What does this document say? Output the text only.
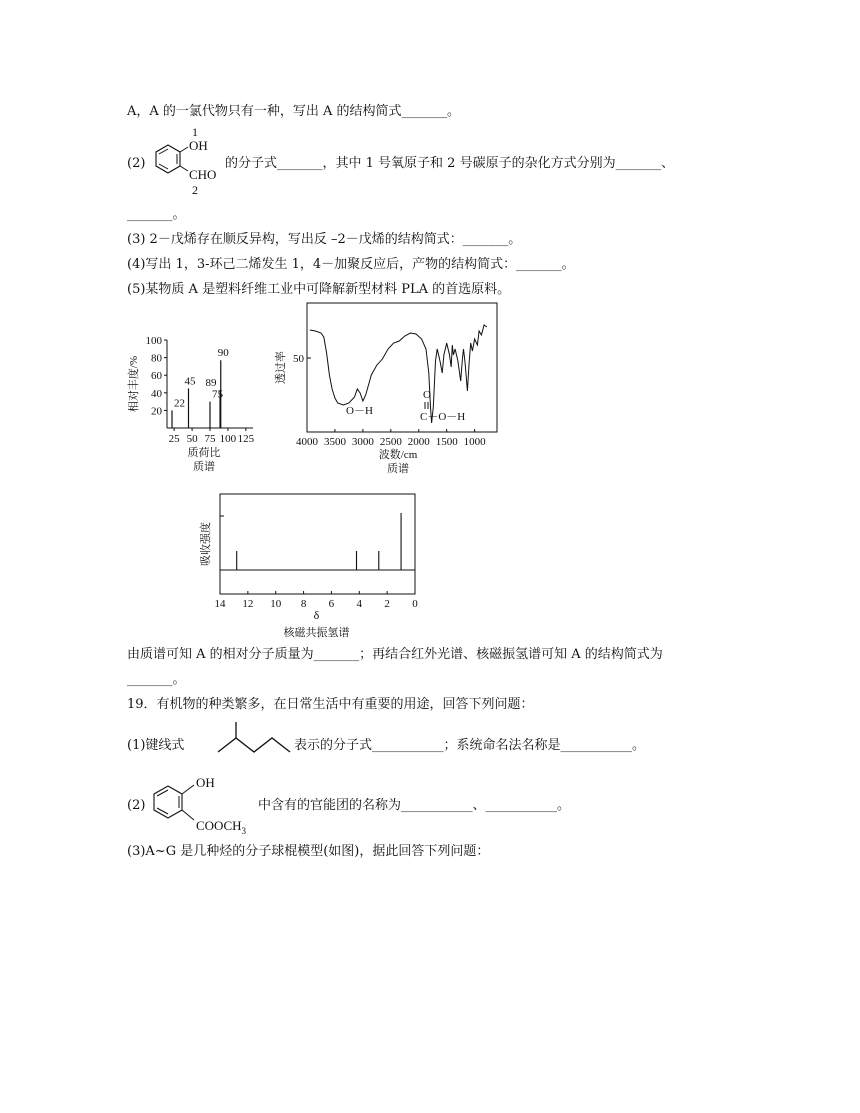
A，A 的一氯代物只有一种，写出 A 的结构简式_______。
(2)
1
OH
CHO
2
的分子式_______，其中 1 号氧原子和 2 号碳原子的杂化方式分别为_______、
_______。
(3) 2－戊烯存在顺反异构，写出反 –2－戊烯的结构简式：_______。
(4)写出 1，3-环己二烯发生 1，4－加聚反应后，产物的结构简式：_______。
(5)某物质 A 是塑料纤维工业中可降解新型材料 PLA 的首选原料。
20
40
60
80
100
25 50 75 100 125
22
45
75
89
90
相对丰度/%
质荷比
质谱
50
4000 3500 3000 2500 2000 1500 1000
O－H
O
C－O－H
透过率
波数/cm
质谱
14 12 10 8 6 4 2 0
吸收强度
δ
核磁共振氢谱
由质谱可知 A 的相对分子质量为_______；再结合红外光谱、核磁振氢谱可知 A 的结构简式为
_______。
19．有机物的种类繁多，在日常生活中有重要的用途，回答下列问题：
(1)键线式	表示的分子式___________；系统命名法名称是___________。
(2)
OH
$COOCH_3$
中含有的官能团的名称为___________、___________。
(3)A~G 是几种烃的分子球棍模型(如图)，据此回答下列问题：
